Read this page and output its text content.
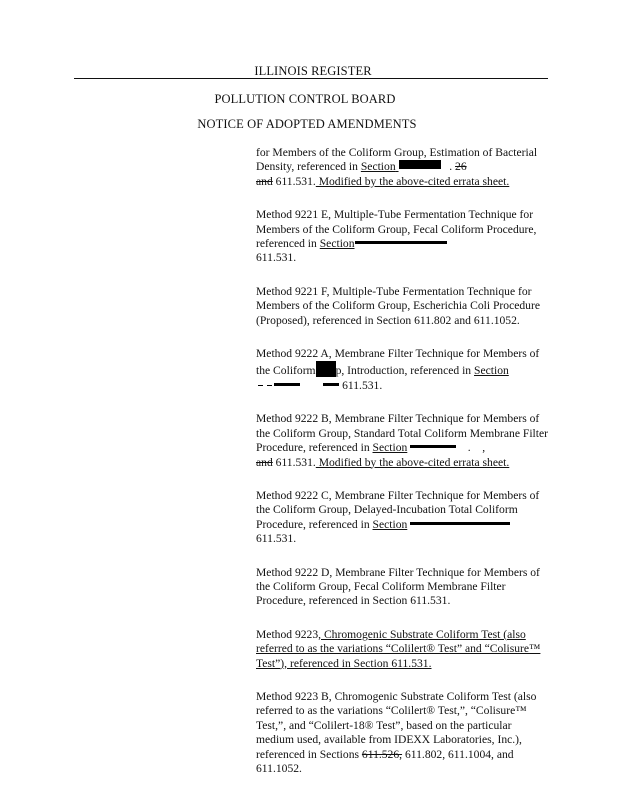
ILLINOIS REGISTER
POLLUTION CONTROL BOARD
NOTICE OF ADOPTED AMENDMENTS

for Members of the Coliform Group, Estimation of Bacterial Density, referenced in Section	. 26
and 611.531. Modified by the above-cited errata sheet.

Method 9221 E, Multiple-Tube Fermentation Technique for Members of the Coliform Group, Fecal Coliform Procedure, referenced in Section
611.531.

Method 9221 F, Multiple-Tube Fermentation Technique for Members of the Coliform Group, Escherichia Coli Procedure (Proposed), referenced in Section 611.802 and 611.1052.

Method 9222 A, Membrane Filter Technique for Members of the Coliform p, Introduction, referenced in Section
611.531.

Method 9222 B, Membrane Filter Technique for Members of the Coliform Group, Standard Total Coliform Membrane Filter Procedure, referenced in Section	.    ,
and 611.531. Modified by the above-cited errata sheet.

Method 9222 C, Membrane Filter Technique for Members of the Coliform Group, Delayed-Incubation Total Coliform Procedure, referenced in Section
611.531.

Method 9222 D, Membrane Filter Technique for Members of the Coliform Group, Fecal Coliform Membrane Filter Procedure, referenced in Section 611.531.

Method 9223, Chromogenic Substrate Coliform Test (also referred to as the variations “Colilert® Test” and “Colisure™ Test”), referenced in Section 611.531.

Method 9223 B, Chromogenic Substrate Coliform Test (also referred to as the variations “Colilert® Test,”, “Colisure™ Test,”, and “Colilert-18® Test”, based on the particular medium used, available from IDEXX Laboratories, Inc.), referenced in Sections 611.526, 611.802, 611.1004, and 611.1052.
